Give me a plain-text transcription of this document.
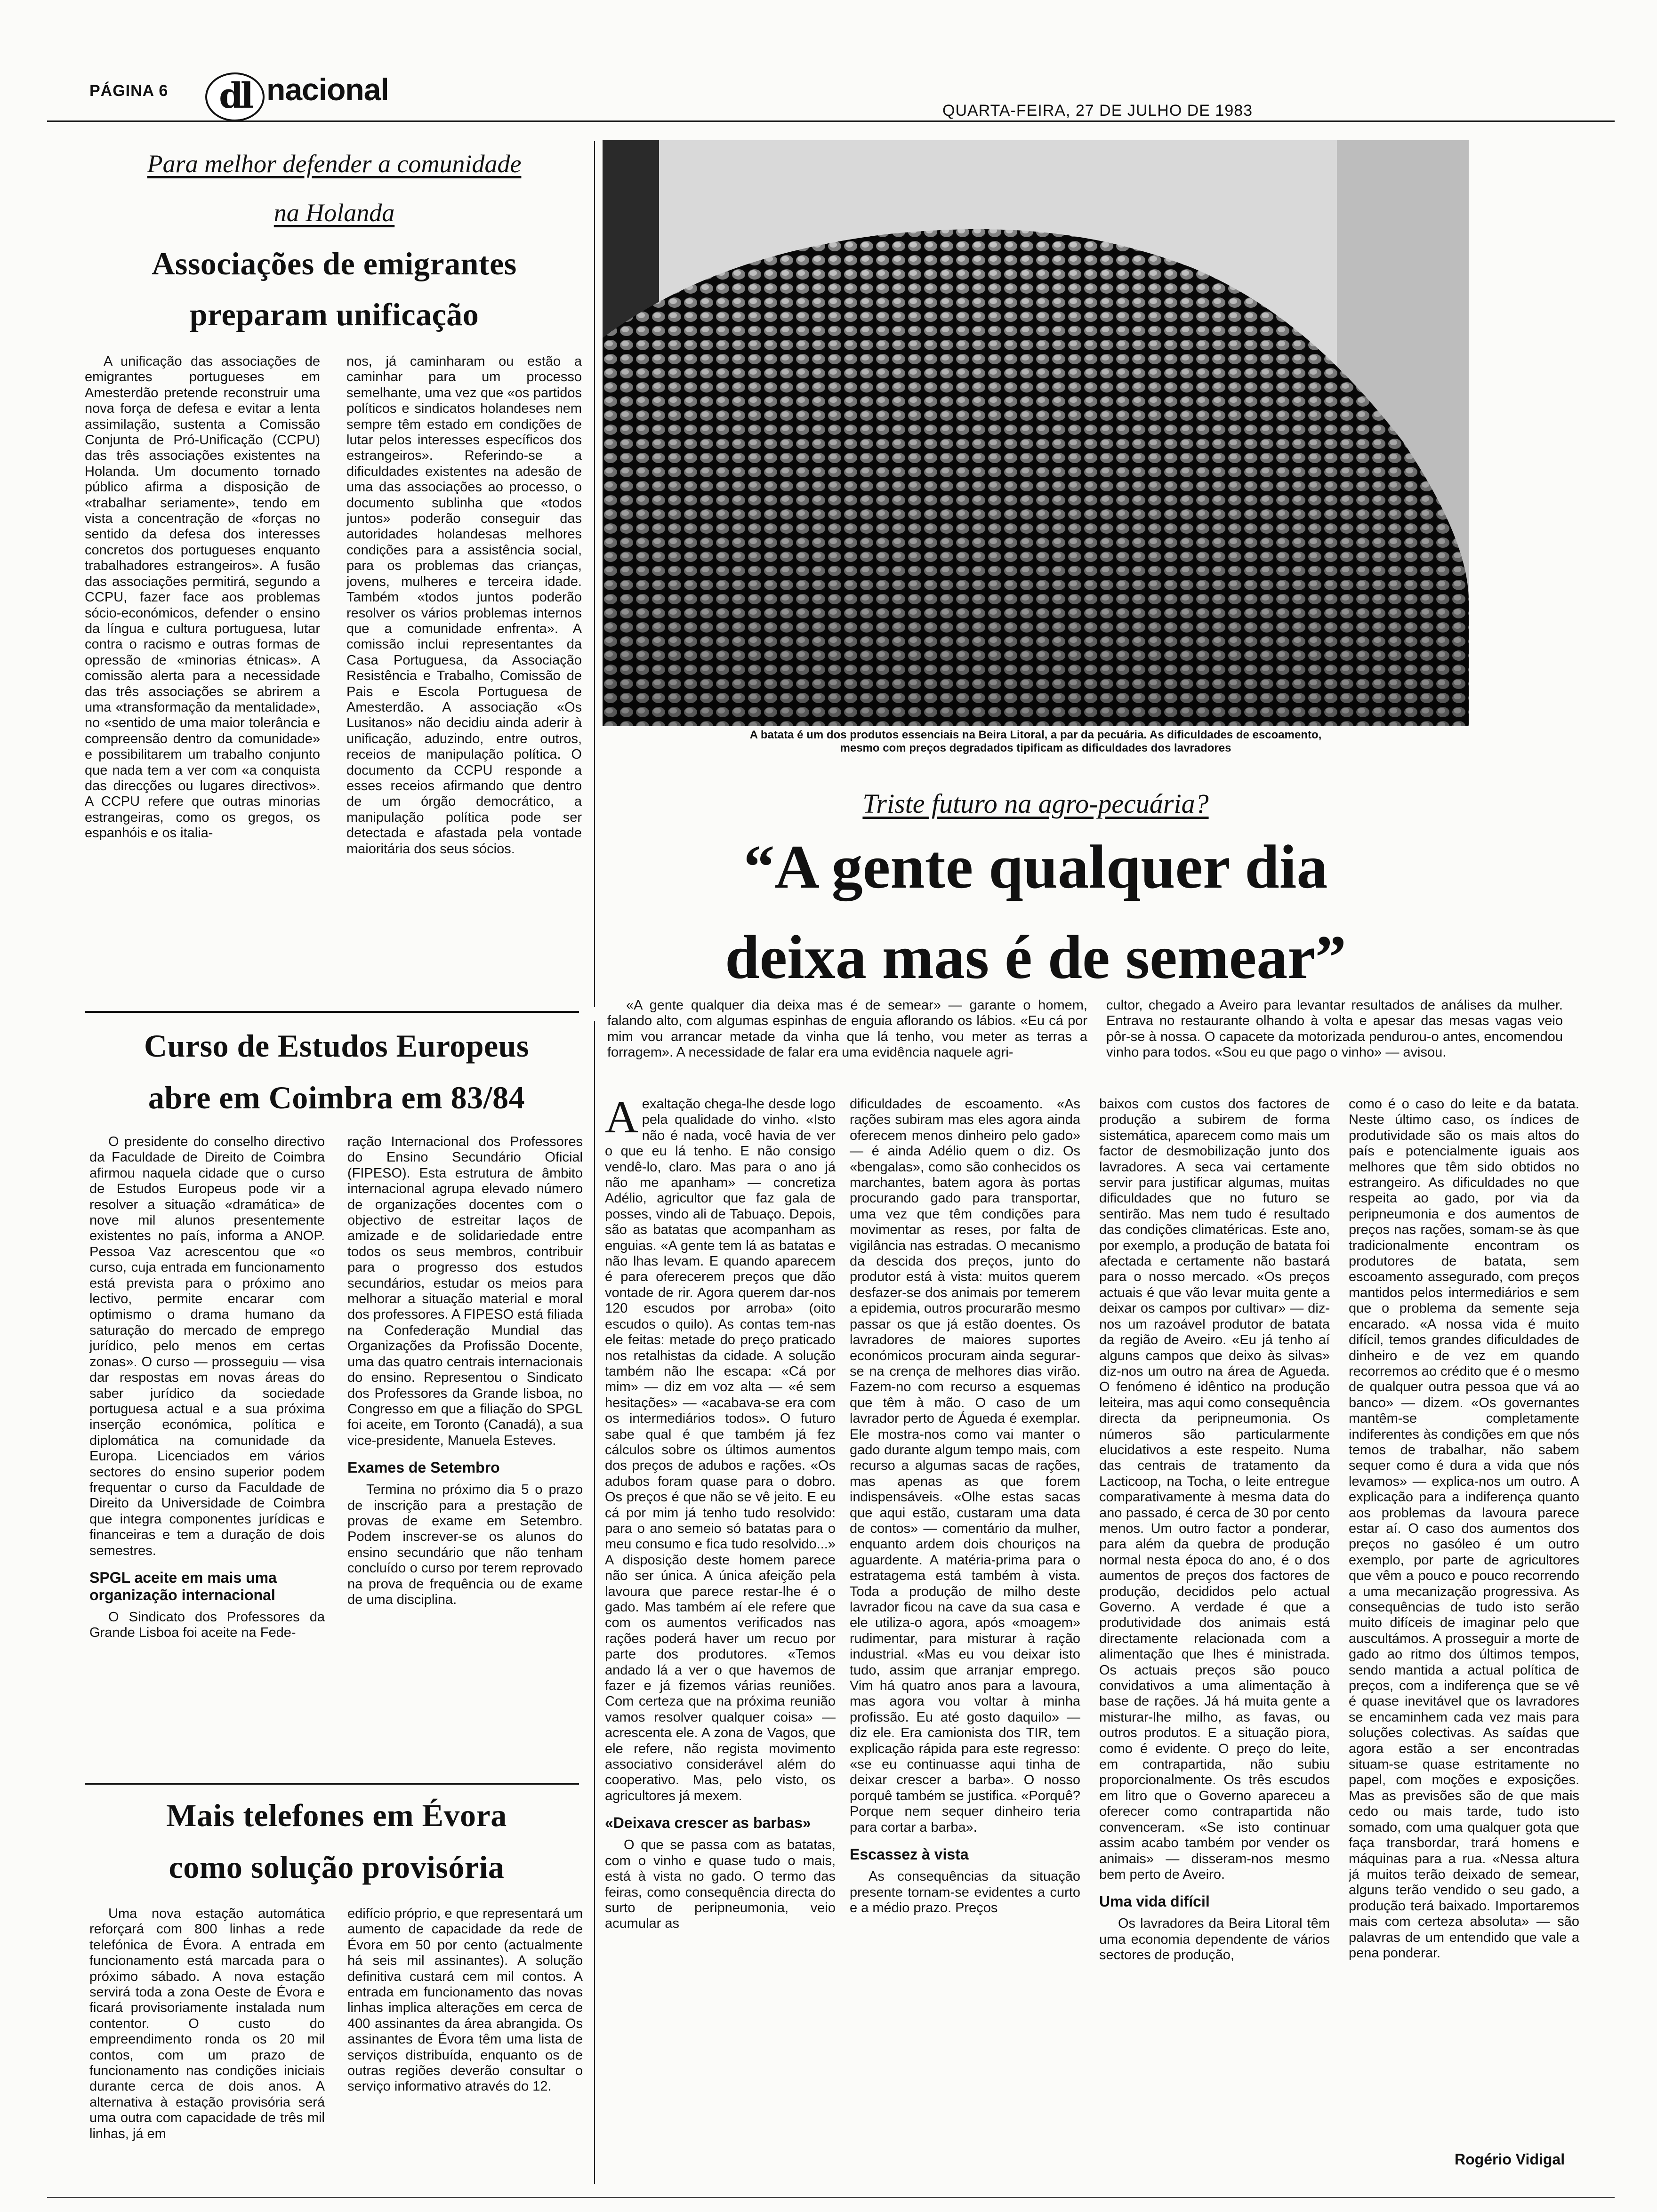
PÁGINA 6	dl nacional
QUARTA-FEIRA, 27 DE JULHO DE 1983
Para melhor defender a comunidade
na Holanda
Associações de emigrantes
preparam unificação

A unificação das associações de emigrantes portugueses em Amesterdão pretende reconstruir uma nova força de defesa e evitar a lenta assimilação, sustenta a Comissão Conjunta de Pró-Unificação (CCPU) das três associações existentes na Holanda. Um documento tornado público afirma a disposição de «trabalhar seriamente», tendo em vista a concentração de «forças no sentido da defesa dos interesses concretos dos portugueses enquanto trabalhadores estrangeiros». A fusão das associações permitirá, segundo a CCPU, fazer face aos problemas sócio-económicos, defender o ensino da língua e cultura portuguesa, lutar contra o racismo e outras formas de opressão de «minorias étnicas». A comissão alerta para a necessidade das três associações se abrirem a uma «transformação da mentalidade», no «sentido de uma maior tolerância e compreensão dentro da comunidade» e possibilitarem um trabalho conjunto que nada tem a ver com «a conquista das direcções ou lugares directivos». A CCPU refere que outras minorias estrangeiras, como os gregos, os espanhóis e os italia-

nos, já caminharam ou estão a caminhar para um processo semelhante, uma vez que «os partidos políticos e sindicatos holandeses nem sempre têm estado em condições de lutar pelos interesses específicos dos estrangeiros». Referindo-se a dificuldades existentes na adesão de uma das associações ao processo, o documento sublinha que «todos juntos» poderão conseguir das autoridades holandesas melhores condições para a assistência social, para os problemas das crianças, jovens, mulheres e terceira idade. Também «todos juntos poderão resolver os vários problemas internos que a comunidade enfrenta». A comissão inclui representantes da Casa Portuguesa, da Associação Resistência e Trabalho, Comissão de Pais e Escola Portuguesa de Amesterdão. A associação «Os Lusitanos» não decidiu ainda aderir à unificação, aduzindo, entre outros, receios de manipulação política. O documento da CCPU responde a esses receios afirmando que dentro de um órgão democrático, a manipulação política pode ser detectada e afastada pela vontade maioritária dos seus sócios.

Curso de Estudos Europeus
abre em Coimbra em 83/84

O presidente do conselho directivo da Faculdade de Direito de Coimbra afirmou naquela cidade que o curso de Estudos Europeus pode vir a resolver a situação «dramática» de nove mil alunos presentemente existentes no país, informa a ANOP. Pessoa Vaz acrescentou que «o curso, cuja entrada em funcionamento está prevista para o próximo ano lectivo, permite encarar com optimismo o drama humano da saturação do mercado de emprego jurídico, pelo menos em certas zonas». O curso — prosseguiu — visa dar respostas em novas áreas do saber jurídico da sociedade portuguesa actual e a sua próxima inserção económica, política e diplomática na comunidade da Europa. Licenciados em vários sectores do ensino superior podem frequentar o curso da Faculdade de Direito da Universidade de Coimbra que integra componentes jurídicas e financeiras e tem a duração de dois semestres.

SPGL aceite em mais uma organização internacional

O Sindicato dos Professores da Grande Lisboa foi aceite na Fede-

ração Internacional dos Professores do Ensino Secundário Oficial (FIPESO). Esta estrutura de âmbito internacional agrupa elevado número de organizações docentes com o objectivo de estreitar laços de amizade e de solidariedade entre todos os seus membros, contribuir para o progresso dos estudos secundários, estudar os meios para melhorar a situação material e moral dos professores. A FIPESO está filiada na Confederação Mundial das Organizações da Profissão Docente, uma das quatro centrais internacionais do ensino. Representou o Sindicato dos Professores da Grande lisboa, no Congresso em que a filiação do SPGL foi aceite, em Toronto (Canadá), a sua vice-presidente, Manuela Esteves.

Exames de Setembro

Termina no próximo dia 5 o prazo de inscrição para a prestação de provas de exame em Setembro. Podem inscrever-se os alunos do ensino secundário que não tenham concluído o curso por terem reprovado na prova de frequência ou de exame de uma disciplina.

Mais telefones em Évora
como solução provisória

Uma nova estação automática reforçará com 800 linhas a rede telefónica de Évora. A entrada em funcionamento está marcada para o próximo sábado. A nova estação servirá toda a zona Oeste de Évora e ficará provisoriamente instalada num contentor. O custo do empreendimento ronda os 20 mil contos, com um prazo de funcionamento nas condições iniciais durante cerca de dois anos. A alternativa à estação provisória será uma outra com capacidade de três mil linhas, já em

edifício próprio, e que representará um aumento de capacidade da rede de Évora em 50 por cento (actualmente há seis mil assinantes). A solução definitiva custará cem mil contos. A entrada em funcionamento das novas linhas implica alterações em cerca de 400 assinantes da área abrangida. Os assinantes de Évora têm uma lista de serviços distribuída, enquanto os de outras regiões deverão consultar o serviço informativo através do 12.

A batata é um dos produtos essenciais na Beira Litoral, a par da pecuária. As dificuldades de escoamento,
mesmo com preços degradados tipificam as dificuldades dos lavradores
Triste futuro na agro-pecuária?
“A gente qualquer dia
deixa mas é de semear”

«A gente qualquer dia deixa mas é de semear» — garante o homem, falando alto, com algumas espinhas de enguia aflorando os lábios. «Eu cá por mim vou arrancar metade da vinha que lá tenho, vou meter as terras a forragem». A necessidade de falar era uma evidência naquele agri-

cultor, chegado a Aveiro para levantar resultados de análises da mulher. Entrava no restaurante olhando à volta e apesar das mesas vagas veio pôr-se à nossa. O capacete da motorizada pendurou-o antes, encomendou vinho para todos. «Sou eu que pago o vinho» — avisou.

A exaltação chega-lhe desde logo pela qualidade do vinho. «Isto não é nada, você havia de ver o que eu lá tenho. E não consigo vendê-lo, claro. Mas para o ano já não me apanham» — concretiza Adélio, agricultor que faz gala de posses, vindo ali de Tabuaço. Depois, são as batatas que acompanham as enguias. «A gente tem lá as batatas e não lhas levam. E quando aparecem é para oferecerem preços que dão vontade de rir. Agora querem dar-nos 120 escudos por arroba» (oito escudos o quilo). As contas tem-nas ele feitas: metade do preço praticado nos retalhistas da cidade. A solução também não lhe escapa: «Cá por mim» — diz em voz alta — «é sem hesitações» — «acabava-se era com os intermediários todos». O futuro sabe qual é que também já fez cálculos sobre os últimos aumentos dos preços de adubos e rações. «Os adubos foram quase para o dobro. Os preços é que não se vê jeito. E eu cá por mim já tenho tudo resolvido: para o ano semeio só batatas para o meu consumo e fica tudo resolvido...» A disposição deste homem parece não ser única. A única afeição pela lavoura que parece restar-lhe é o gado. Mas também aí ele refere que com os aumentos verificados nas rações poderá haver um recuo por parte dos produtores. «Temos andado lá a ver o que havemos de fazer e já fizemos várias reuniões. Com certeza que na próxima reunião vamos resolver qualquer coisa» — acrescenta ele. A zona de Vagos, que ele refere, não regista movimento associativo considerável além do cooperativo. Mas, pelo visto, os agricultores já mexem.

«Deixava crescer as barbas»

O que se passa com as batatas, com o vinho e quase tudo o mais, está à vista no gado. O termo das feiras, como consequência directa do surto de peripneumonia, veio acumular as

dificuldades de escoamento. «As rações subiram mas eles agora ainda oferecem menos dinheiro pelo gado» — é ainda Adélio quem o diz. Os «bengalas», como são conhecidos os marchantes, batem agora às portas procurando gado para transportar, uma vez que têm condições para movimentar as reses, por falta de vigilância nas estradas. O mecanismo da descida dos preços, junto do produtor está à vista: muitos querem desfazer-se dos animais por temerem a epidemia, outros procurarão mesmo passar os que já estão doentes. Os lavradores de maiores suportes económicos procuram ainda segurar-se na crença de melhores dias virão. Fazem-no com recurso a esquemas que têm à mão. O caso de um lavrador perto de Águeda é exemplar. Ele mostra-nos como vai manter o gado durante algum tempo mais, com recurso a algumas sacas de rações, mas apenas as que forem indispensáveis. «Olhe estas sacas que aqui estão, custaram uma data de contos» — comentário da mulher, enquanto ardem dois chouriços na aguardente. A matéria-prima para o estratagema está também à vista. Toda a produção de milho deste lavrador ficou na cave da sua casa e ele utiliza-o agora, após «moagem» rudimentar, para misturar à ração industrial. «Mas eu vou deixar isto tudo, assim que arranjar emprego. Vim há quatro anos para a lavoura, mas agora vou voltar à minha profissão. Eu até gosto daquilo» — diz ele. Era camionista dos TIR, tem explicação rápida para este regresso: «se eu continuasse aqui tinha de deixar crescer a barba». O nosso porquê também se justifica. «Porquê? Porque nem sequer dinheiro teria para cortar a barba».

Escassez à vista

As consequências da situação presente tornam-se evidentes a curto e a médio prazo. Preços

baixos com custos dos factores de produção a subirem de forma sistemática, aparecem como mais um factor de desmobilização junto dos lavradores. A seca vai certamente servir para justificar algumas, muitas dificuldades que no futuro se sentirão. Mas nem tudo é resultado das condições climatéricas. Este ano, por exemplo, a produção de batata foi afectada e certamente não bastará para o nosso mercado. «Os preços actuais é que vão levar muita gente a deixar os campos por cultivar» — diz-nos um razoável produtor de batata da região de Aveiro. «Eu já tenho aí alguns campos que deixo às silvas» diz-nos um outro na área de Agueda. O fenómeno é idêntico na produção leiteira, mas aqui como consequência directa da peripneumonia. Os números são particularmente elucidativos a este respeito. Numa das centrais de tratamento da Lacticoop, na Tocha, o leite entregue comparativamente à mesma data do ano passado, é cerca de 30 por cento menos. Um outro factor a ponderar, para além da quebra de produção normal nesta época do ano, é o dos aumentos de preços dos factores de produção, decididos pelo actual Governo. A verdade é que a produtividade dos animais está directamente relacionada com a alimentação que lhes é ministrada. Os actuais preços são pouco convidativos a uma alimentação à base de rações. Já há muita gente a misturar-lhe milho, as favas, ou outros produtos. E a situação piora, como é evidente. O preço do leite, em contrapartida, não subiu proporcionalmente. Os três escudos em litro que o Governo apareceu a oferecer como contrapartida não convenceram. «Se isto continuar assim acabo também por vender os animais» — disseram-nos mesmo bem perto de Aveiro.

Uma vida difícil

Os lavradores da Beira Litoral têm uma economia dependente de vários sectores de produção,

como é o caso do leite e da batata. Neste último caso, os índices de produtividade são os mais altos do país e potencialmente iguais aos melhores que têm sido obtidos no estrangeiro. As dificuldades no que respeita ao gado, por via da peripneumonia e dos aumentos de preços nas rações, somam-se às que tradicionalmente encontram os produtores de batata, sem escoamento assegurado, com preços mantidos pelos intermediários e sem que o problema da semente seja encarado. «A nossa vida é muito difícil, temos grandes dificuldades de dinheiro e de vez em quando recorremos ao crédito que é o mesmo de qualquer outra pessoa que vá ao banco» — dizem. «Os governantes mantêm-se completamente indiferentes às condições em que nós temos de trabalhar, não sabem sequer como é dura a vida que nós levamos» — explica-nos um outro. A explicação para a indiferença quanto aos problemas da lavoura parece estar aí. O caso dos aumentos dos preços no gasóleo é um outro exemplo, por parte de agricultores que vêm a pouco e pouco recorrendo a uma mecanização progressiva. As consequências de tudo isto serão muito difíceis de imaginar pelo que auscultámos. A prosseguir a morte de gado ao ritmo dos últimos tempos, sendo mantida a actual política de preços, com a indiferença que se vê é quase inevitável que os lavradores se encaminhem cada vez mais para soluções colectivas. As saídas que agora estão a ser encontradas situam-se quase estritamente no papel, com moções e exposições. Mas as previsões são de que mais cedo ou mais tarde, tudo isto somado, com uma qualquer gota que faça transbordar, trará homens e máquinas para a rua. «Nessa altura já muitos terão deixado de semear, alguns terão vendido o seu gado, a produção terá baixado. Importaremos mais com certeza absoluta» — são palavras de um entendido que vale a pena ponderar.

Rogério Vidigal
